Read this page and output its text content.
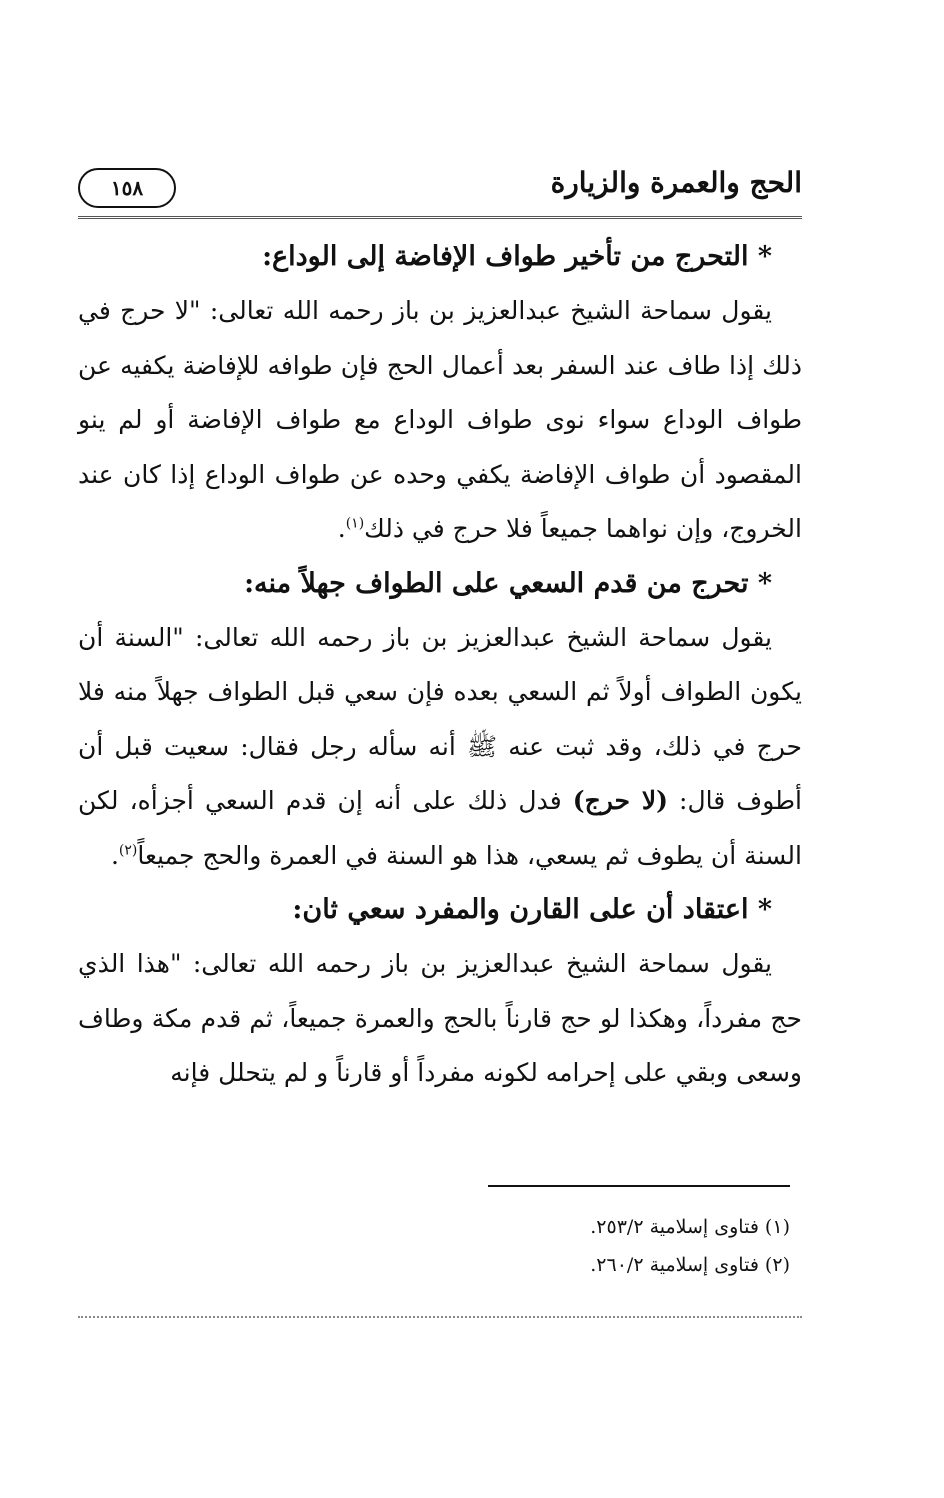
١٥٨	الحج والعمرة والزيارة
* التحرج من تأخير طواف الإفاضة إلى الوداع:

يقول سماحة الشيخ عبدالعزيز بن باز رحمه الله تعالى: "لا حرج في ذلك إذا طاف عند السفر بعد أعمال الحج فإن طوافه للإفاضة يكفيه عن طواف الوداع سواء نوى طواف الوداع مع طواف الإفاضة أو لم ينو المقصود أن طواف الإفاضة يكفي وحده عن طواف الوداع إذا كان عند الخروج، وإن نواهما جميعاً فلا حرج في ذلك$^{(١)}$.

* تحرج من قدم السعي على الطواف جهلاً منه:

يقول سماحة الشيخ عبدالعزيز بن باز رحمه الله تعالى: "السنة أن يكون الطواف أولاً ثم السعي بعده فإن سعي قبل الطواف جهلاً منه فلا حرج في ذلك، وقد ثبت عنه ﷺ أنه سأله رجل فقال: سعيت قبل أن أطوف قال: (لا حرج) فدل ذلك على أنه إن قدم السعي أجزأه، لكن السنة أن يطوف ثم يسعي، هذا هو السنة في العمرة والحج جميعاً$^{(٢)}$.

* اعتقاد أن على القارن والمفرد سعي ثان:

يقول سماحة الشيخ عبدالعزيز بن باز رحمه الله تعالى: "هذا الذي حج مفرداً، وهكذا لو حج قارناً بالحج والعمرة جميعاً، ثم قدم مكة وطاف وسعى وبقي على إحرامه لكونه مفرداً أو قارناً و لم يتحلل فإنه

(١) فتاوى إسلامية ٢٥٣/٢.
(٢) فتاوى إسلامية ٢٦٠/٢.
